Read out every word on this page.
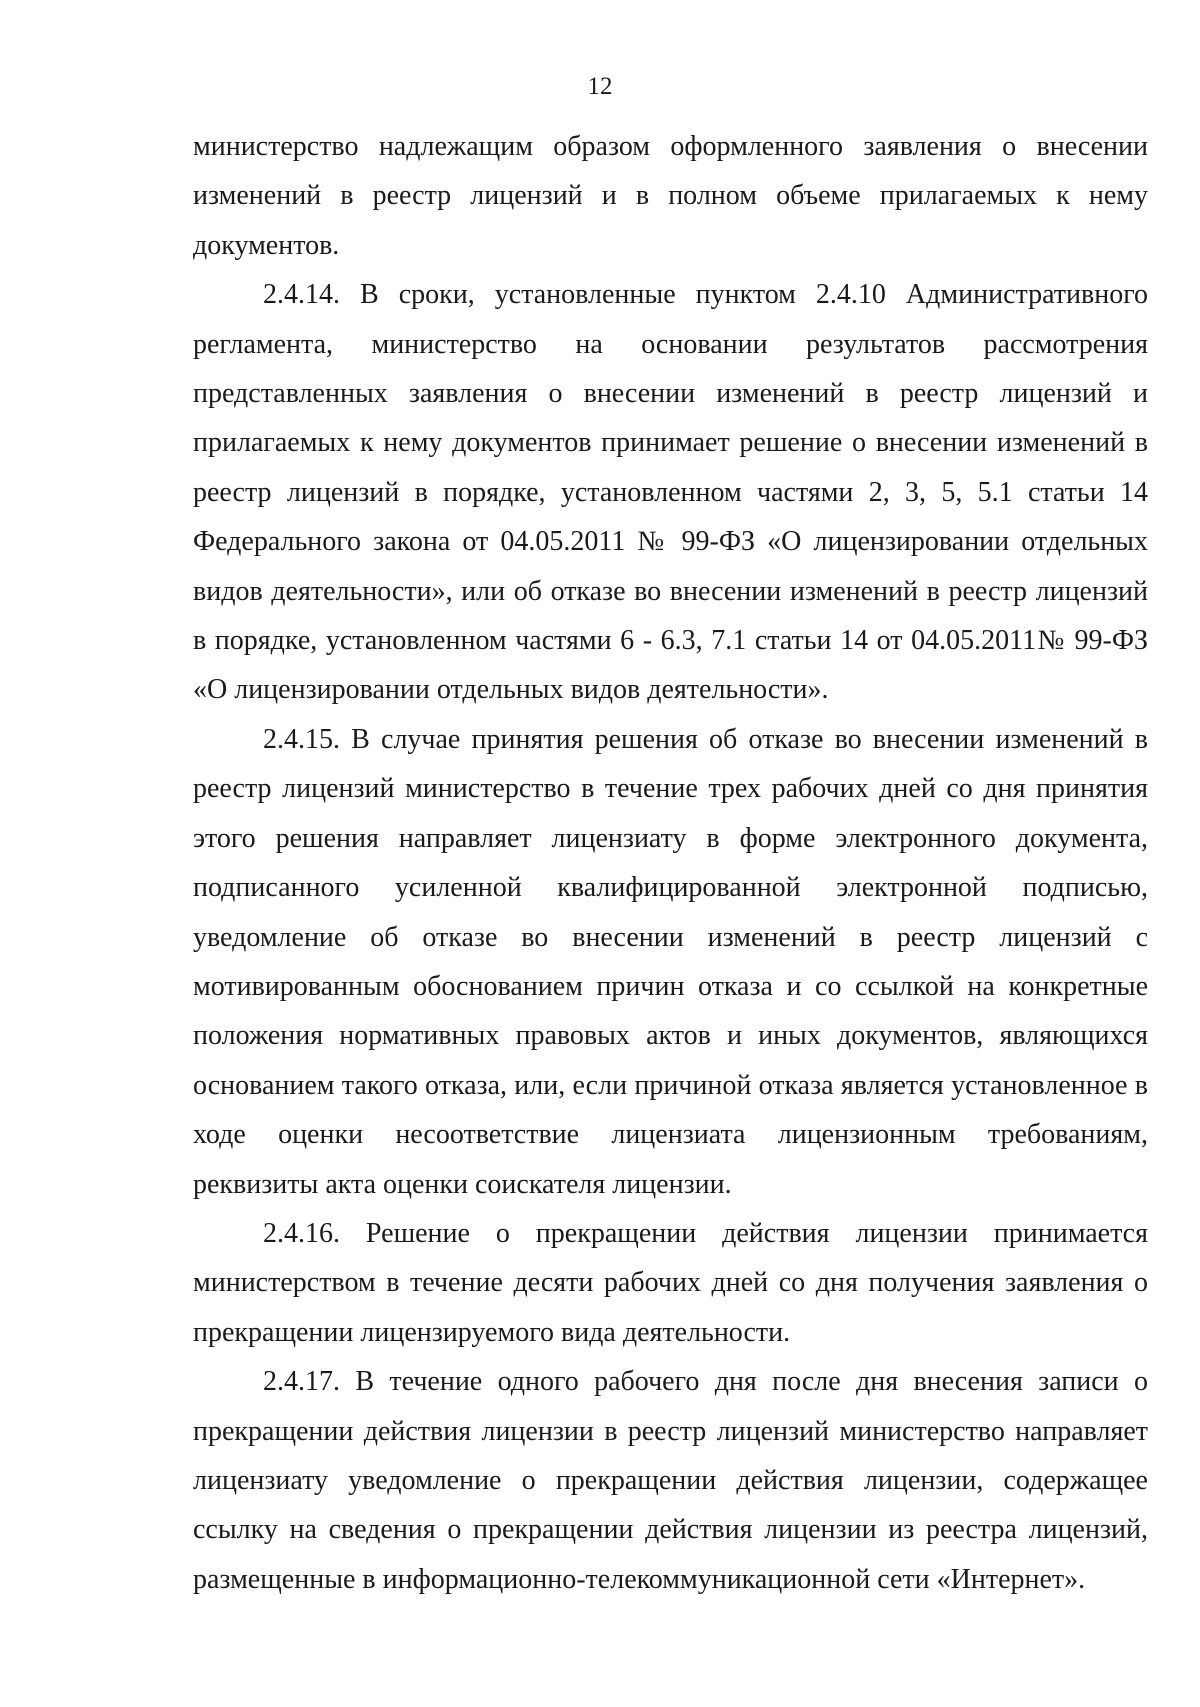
12

министерство надлежащим образом оформленного заявления о внесении изменений в реестр лицензий и в полном объеме прилагаемых к нему документов.

2.4.14. В сроки, установленные пунктом 2.4.10 Административного регламента, министерство на основании результатов рассмотрения представленных заявления о внесении изменений в реестр лицензий и прилагаемых к нему документов принимает решение о внесении изменений в реестр лицензий в порядке, установленном частями 2, 3, 5, 5.1 статьи 14 Федерального закона от 04.05.2011 № 99-ФЗ «О лицензировании отдельных видов деятельности», или об отказе во внесении изменений в реестр лицензий в порядке, установленном частями 6 - 6.3, 7.1 статьи 14 от 04.05.2011№ 99-ФЗ «О лицензировании отдельных видов деятельности».

2.4.15. В случае принятия решения об отказе во внесении изменений в реестр лицензий министерство в течение трех рабочих дней со дня принятия этого решения направляет лицензиату в форме электронного документа, подписанного усиленной квалифицированной электронной подписью, уведомление об отказе во внесении изменений в реестр лицензий с мотивированным обоснованием причин отказа и со ссылкой на конкретные положения нормативных правовых актов и иных документов, являющихся основанием такого отказа, или, если причиной отказа является установленное в ходе оценки несоответствие лицензиата лицензионным требованиям, реквизиты акта оценки соискателя лицензии.

2.4.16. Решение о прекращении действия лицензии принимается министерством в течение десяти рабочих дней со дня получения заявления о прекращении лицензируемого вида деятельности.

2.4.17. В течение одного рабочего дня после дня внесения записи о прекращении действия лицензии в реестр лицензий министерство направляет лицензиату уведомление о прекращении действия лицензии, содержащее ссылку на сведения о прекращении действия лицензии из реестра лицензий, размещенные в информационно-телекоммуникационной сети «Интернет».
